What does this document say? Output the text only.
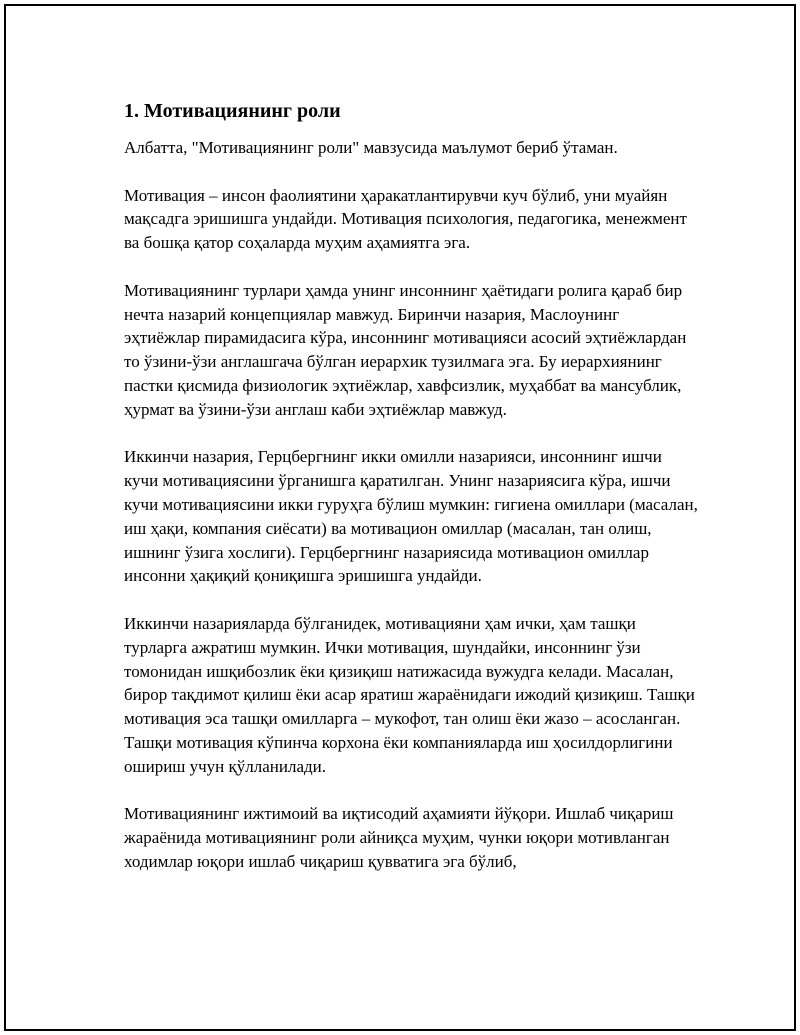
1. Мотивациянинг роли

Албатта, "Мотивациянинг роли" мавзусида маълумот бериб ўтаман.

Мотивация – инсон фаолиятини ҳаракатлантирувчи куч бўлиб, уни муайян мақсадга эришишга ундайди. Мотивация психология, педагогика, менежмент ва бошқа қатор соҳаларда муҳим аҳамиятга эга.

Мотивациянинг турлари ҳамда унинг инсоннинг ҳаётидаги ролига қараб бир нечта назарий концепциялар мавжуд. Биринчи назария, Маслоунинг эҳтиёжлар пирамидасига кўра, инсоннинг мотивацияси асосий эҳтиёжлардан то ўзини-ўзи англашгача бўлган иерархик тузилмага эга. Бу иерархиянинг пастки қисмида физиологик эҳтиёжлар, хавфсизлик, муҳаббат ва мансублик, ҳурмат ва ўзини-ўзи англаш каби эҳтиёжлар мавжуд.

Иккинчи назария, Герцбергнинг икки омилли назарияси, инсоннинг ишчи кучи мотивациясини ўрганишга қаратилган. Унинг назариясига кўра, ишчи кучи мотивациясини икки гуруҳга бўлиш мумкин: гигиена омиллари (масалан, иш ҳақи, компания сиёсати) ва мотивацион омиллар (масалан, тан олиш, ишнинг ўзига хослиги). Герцбергнинг назариясида мотивацион омиллар инсонни ҳақиқий қониқишга эришишга ундайди.

Иккинчи назарияларда бўлганидек, мотивацияни ҳам ички, ҳам ташқи турларга ажратиш мумкин. Ички мотивация, шундайки, инсоннинг ўзи томонидан ишқибозлик ёки қизиқиш натижасида вужудга келади. Масалан, бирор тақдимот қилиш ёки асар яратиш жараёнидаги ижодий қизиқиш. Ташқи мотивация эса ташқи омилларга – мукофот, тан олиш ёки жазо – асосланган. Ташқи мотивация кўпинча корхона ёки компанияларда иш ҳосилдорлигини ошириш учун қўлланилади.

Мотивациянинг ижтимоий ва иқтисодий аҳамияти йўқори. Ишлаб чиқариш жараёнида мотивациянинг роли айниқса муҳим, чунки юқори мотивланган ходимлар юқори ишлаб чиқариш қувватига эга бўлиб,
